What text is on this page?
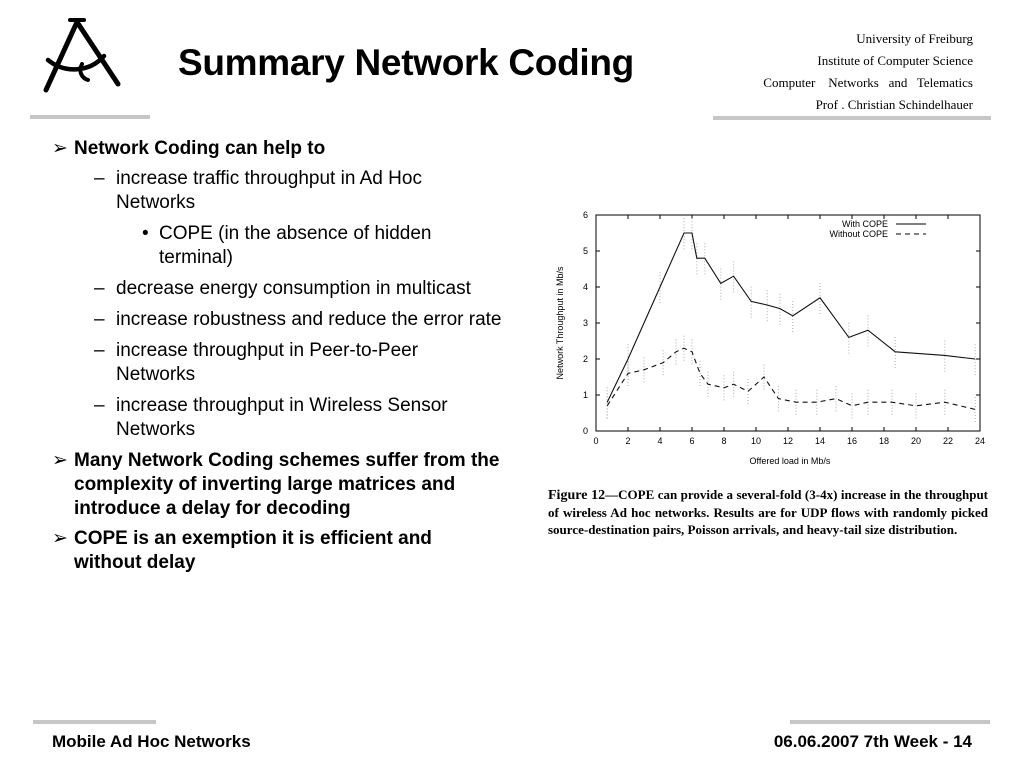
Summary Network Coding
University of Freiburg
Institute of Computer Science
Computer    Networks   and   Telematics
Prof . Christian Schindelhauer
➢ Network Coding can help to
– increase traffic throughput in Ad Hoc Networks
• COPE (in the absence of hidden terminal)
– decrease energy consumption in multicast
– increase robustness and reduce the error rate
– increase throughput in Peer-to-Peer Networks
– increase throughput in Wireless Sensor Networks
➢ Many Network Coding schemes suffer from the complexity of inverting large matrices and introduce a delay for decoding
➢ COPE is an exemption it is efficient and without delay
0	2	4	6	8	10 12 14 16 18 20 22 24
0
1
2
3
4
5
6
Offered load in Mb/s
Network Throughput in Mb/s
With COPE
Without COPE
Figure 12—COPE can provide a several-fold (3-4x) increase in the throughput of wireless Ad hoc networks. Results are for UDP flows with randomly picked source-destination pairs, Poisson arrivals, and heavy-tail size distribution.
Mobile Ad Hoc Networks	06.06.2007 7th Week - 14
